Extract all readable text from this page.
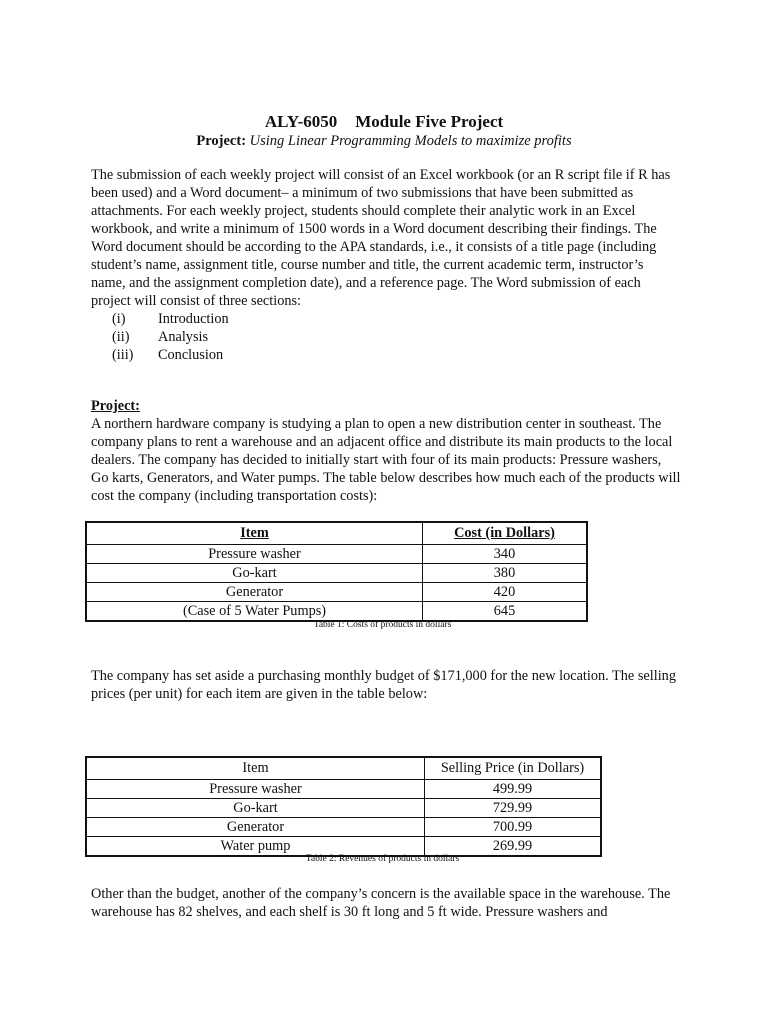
ALY-6050 Module Five Project
Project: Using Linear Programming Models to maximize profits
The submission of each weekly project will consist of an Excel workbook (or an R script file if R has been used) and a Word document– a minimum of two submissions that have been submitted as attachments. For each weekly project, students should complete their analytic work in an Excel workbook, and write a minimum of 1500 words in a Word document describing their findings. The Word document should be according to the APA standards, i.e., it consists of a title page (including student’s name, assignment title, course number and title, the current academic term, instructor’s name, and the assignment completion date), and a reference page. The Word submission of each project will consist of three sections:
(i)	Introduction
(ii)	Analysis
(iii)	Conclusion
Project:
A northern hardware company is studying a plan to open a new distribution center in southeast. The company plans to rent a warehouse and an adjacent office and distribute its main products to the local dealers. The company has decided to initially start with four of its main products: Pressure washers, Go karts, Generators, and Water pumps. The table below describes how much each of the products will cost the company (including transportation costs):
Item	Cost (in Dollars)
Pressure washer	340
Go-kart	380
Generator	420
(Case of 5 Water Pumps)	645
Table 1: Costs of products in dollars
The company has set aside a purchasing monthly budget of $171,000 for the new location. The selling prices (per unit) for each item are given in the table below:
Item	Selling Price (in Dollars)
Pressure washer	499.99
Go-kart	729.99
Generator	700.99
Water pump	269.99
Table 2: Revenues of products in dollars
Other than the budget, another of the company’s concern is the available space in the warehouse. The warehouse has 82 shelves, and each shelf is 30 ft long and 5 ft wide. Pressure washers and
